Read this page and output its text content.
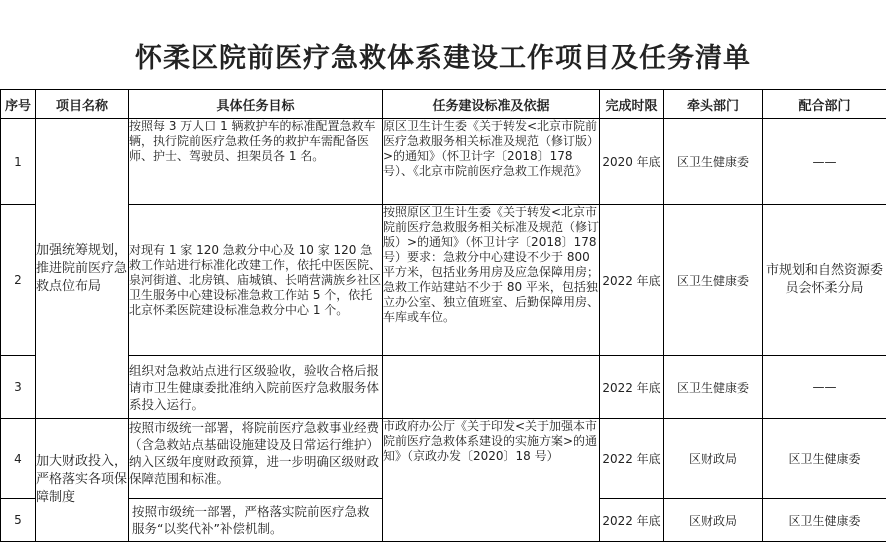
怀柔区院前医疗急救体系建设工作项目及任务清单
序号	项目名称	具体任务目标	任务建设标准及依据	完成时限	牵头部门	配合部门
1	加强统筹规划，推进院前医疗急救点位布局	按照每 3 万人口 1 辆救护车的标准配置急救车辆，执行院前医疗急救任务的救护车需配备医师、护士、驾驶员、担架员各 1 名。	原区卫生计生委《关于转发<北京市院前医疗急救服务相关标准及规范（修订版）>的通知》（怀卫计字〔2018〕178 号）、《北京市院前医疗急救工作规范》	2020 年底	区卫生健康委	——
2		对现有 1 家 120 急救分中心及 10 家 120 急救工作站进行标准化改建工作，依托中医医院、泉河街道、北房镇、庙城镇、长哨营满族乡社区卫生服务中心建设标准急救工作站 5 个，依托北京怀柔医院建设标准急救分中心 1 个。	按照原区卫生计生委《关于转发<北京市院前医疗急救服务相关标准及规范（修订版）>的通知》（怀卫计字〔2018〕178 号）要求：急救分中心建设不少于 800 平方米，包括业务用房及应急保障用房；急救工作站建站不少于 80 平米，包括独立办公室、独立值班室、后勤保障用房、车库或车位。	2022 年底	区卫生健康委	市规划和自然资源委员会怀柔分局
3		组织对急救站点进行区级验收，验收合格后报请市卫生健康委批准纳入院前医疗急救服务体系投入运行。		2022 年底	区卫生健康委	——
4	加大财政投入，严格落实各项保障制度	按照市级统一部署，将院前医疗急救事业经费（含急救站点基础设施建设及日常运行维护）纳入区级年度财政预算，进一步明确区级财政保障范围和标准。	市政府办公厅《关于印发<关于加强本市院前医疗急救体系建设的实施方案>的通知》（京政办发〔2020〕18 号）	2022 年底	区财政局	区卫生健康委
5		按照市级统一部署，严格落实院前医疗急救服务“以奖代补”补偿机制。		2022 年底	区财政局	区卫生健康委
